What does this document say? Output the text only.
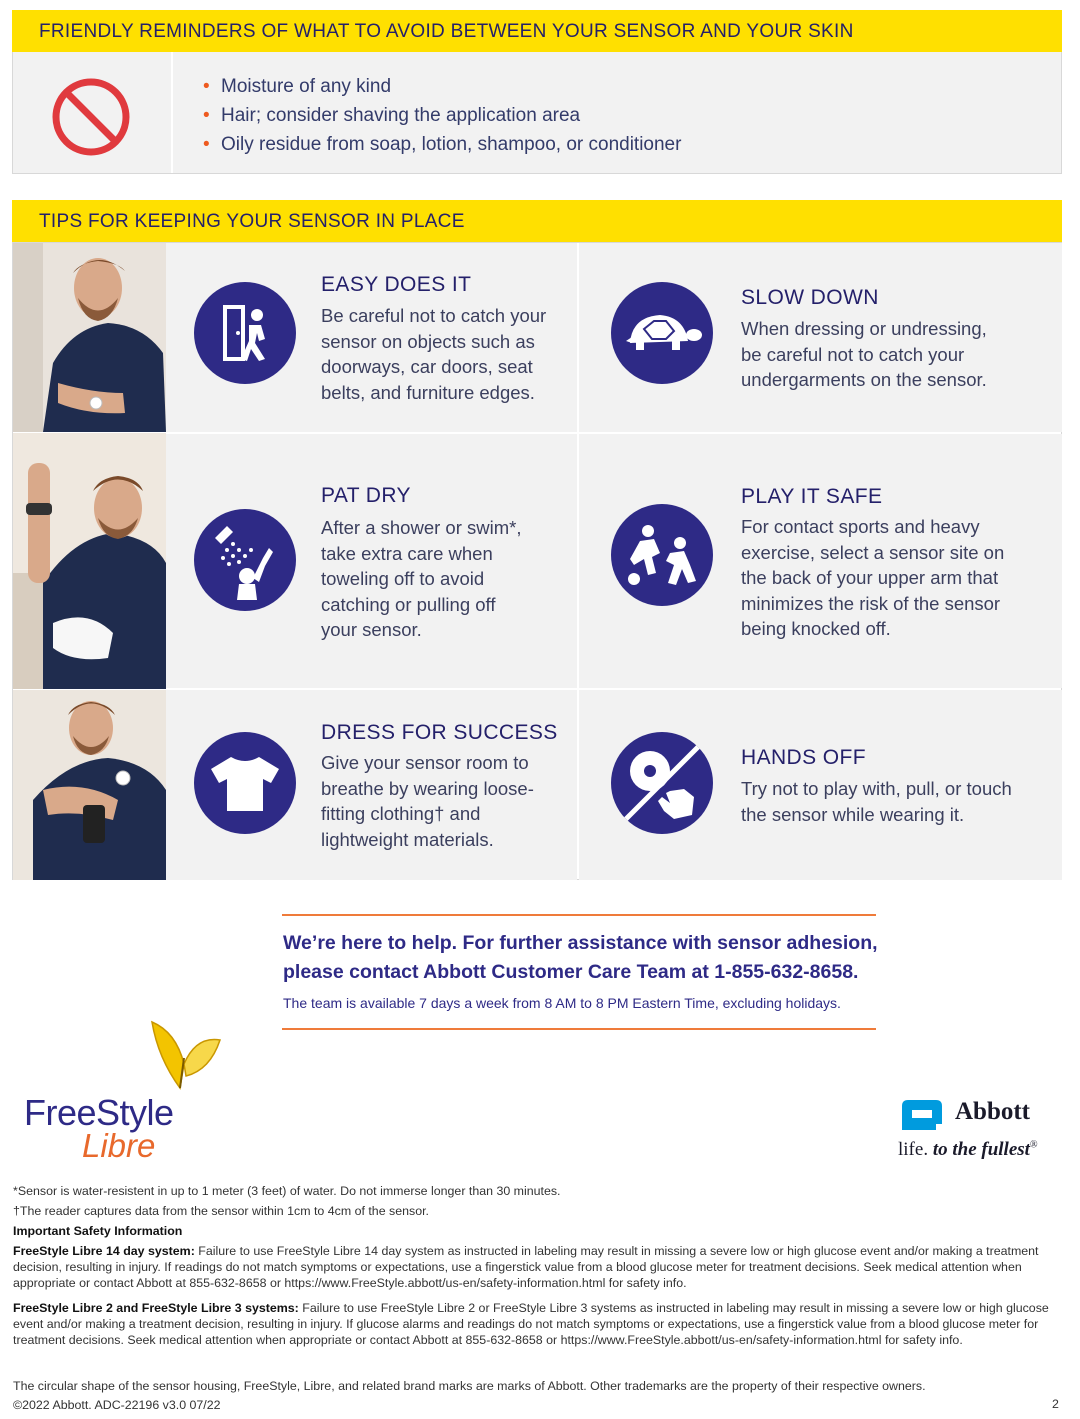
FRIENDLY REMINDERS OF WHAT TO AVOID BETWEEN YOUR SENSOR AND YOUR SKIN
• Moisture of any kind
• Hair; consider shaving the application area
• Oily residue from soap, lotion, shampoo, or conditioner
TIPS FOR KEEPING YOUR SENSOR IN PLACE
EASY DOES IT
Be careful not to catch your sensor on objects such as doorways, car doors, seat belts, and furniture edges.
SLOW DOWN
When dressing or undressing, be careful not to catch your undergarments on the sensor.
PAT DRY
After a shower or swim*, take extra care when toweling off to avoid catching or pulling off your sensor.
PLAY IT SAFE
For contact sports and heavy exercise, select a sensor site on the back of your upper arm that minimizes the risk of the sensor being knocked off.
DRESS FOR SUCCESS
Give your sensor room to breathe by wearing loose-fitting clothing† and lightweight materials.
HANDS OFF
Try not to play with, pull, or touch the sensor while wearing it.
We’re here to help. For further assistance with sensor adhesion,
please contact Abbott Customer Care Team at 1-855-632-8658.
The team is available 7 days a week from 8 AM to 8 PM Eastern Time, excluding holidays.
FreeStyle
Libre
Abbott
life. to the fullest®
*Sensor is water-resistent in up to 1 meter (3 feet) of water. Do not immerse longer than 30 minutes.
†The reader captures data from the sensor within 1cm to 4cm of the sensor.
Important Safety Information
FreeStyle Libre 14 day system: Failure to use FreeStyle Libre 14 day system as instructed in labeling may result in missing a severe low or high glucose event and/or making a treatment decision, resulting in injury. If readings do not match symptoms or expectations, use a fingerstick value from a blood glucose meter for treatment decisions. Seek medical attention when appropriate or contact Abbott at 855-632-8658 or https://www.FreeStyle.abbott/us-en/safety-information.html for safety info.
FreeStyle Libre 2 and FreeStyle Libre 3 systems: Failure to use FreeStyle Libre 2 or FreeStyle Libre 3 systems as instructed in labeling may result in missing a severe low or high glucose event and/or making a treatment decision, resulting in injury. If glucose alarms and readings do not match symptoms or expectations, use a fingerstick value from a blood glucose meter for treatment decisions. Seek medical attention when appropriate or contact Abbott at 855-632-8658 or https://www.FreeStyle.abbott/us-en/safety-information.html for safety info.
The circular shape of the sensor housing, FreeStyle, Libre, and related brand marks are marks of Abbott. Other trademarks are the property of their respective owners.
©2022 Abbott. ADC-22196 v3.0 07/22	2
